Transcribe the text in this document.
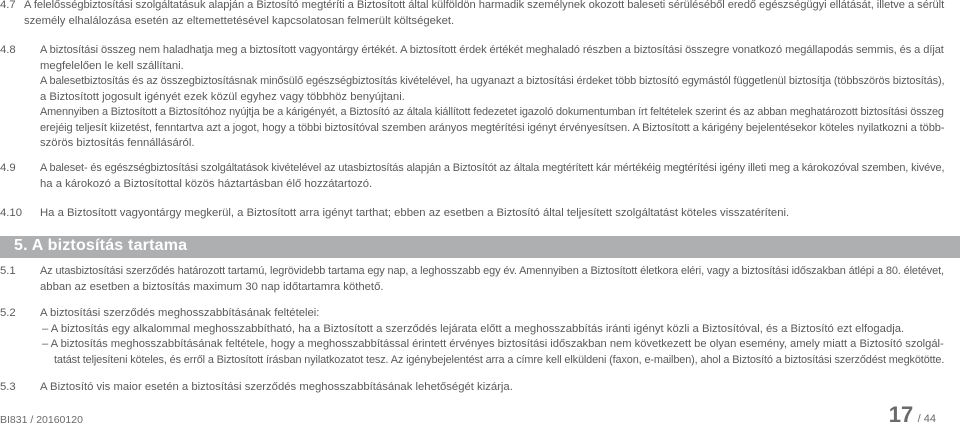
4.7 A felelősségbiztosítási szolgáltatásuk alapján a Biztosító megtéríti a Biztosított által külföldön harmadik személynek okozott baleseti sérüléséből eredő egészségügyi ellátását, illetve a sérült
személy elhalálozása esetén az eltemettetésével kapcsolatosan felmerült költségeket.
4.8 A biztosítási összeg nem haladhatja meg a biztosított vagyontárgy értékét. A biztosított érdek értékét meghaladó részben a biztosítási összegre vonatkozó megállapodás semmis, és a díjat
megfelelően le kell szállítani.
A balesetbiztosítás és az összegbiztosításnak minősülő egészségbiztosítás kivételével, ha ugyanazt a biztosítási érdeket több biztosító egymástól függetlenül biztosítja (többszörös biztosítás),
a Biztosított jogosult igényét ezek közül egyhez vagy többhöz benyújtani.
Amennyiben a Biztosított a Biztosítóhoz nyújtja be a kárigényét, a Biztosító az általa kiállított fedezetet igazoló dokumentumban írt feltételek szerint és az abban meghatározott biztosítási összeg
erejéig teljesít kiizetést, fenntartva azt a jogot, hogy a többi biztosítóval szemben arányos megtérítési igényt érvényesítsen. A Biztosított a kárigény bejelentésekor köteles nyilatkozni a több-
szörös biztosítás fennállásáról.
4.9 A baleset- és egészségbiztosítási szolgáltatások kivételével az utasbiztosítás alapján a Biztosítót az általa megtérített kár mértékéig megtérítési igény illeti meg a károkozóval szemben, kivéve,
ha a károkozó a Biztosítottal közös háztartásban élő hozzátartozó.
4.10 Ha a Biztosított vagyontárgy megkerül, a Biztosított arra igényt tarthat; ebben az esetben a Biztosító által teljesített szolgáltatást köteles visszatéríteni.
5. A biztosítás tartama
5.1 Az utasbiztosítási szerződés határozott tartamú, legrövidebb tartama egy nap, a leghosszabb egy év. Amennyiben a Biztosított életkora eléri, vagy a biztosítási időszakban átlépi a 80. életévet,
abban az esetben a biztosítás maximum 30 nap időtartamra köthető.
5.2 A biztosítási szerződés meghosszabbításának feltételei:
– A biztosítás egy alkalommal meghosszabbítható, ha a Biztosított a szerződés lejárata előtt a meghosszabbítás iránti igényt közli a Biztosítóval, és a Biztosító ezt elfogadja.
– A biztosítás meghosszabbításának feltétele, hogy a meghosszabbítással érintett érvényes biztosítási időszakban nem következett be olyan esemény, amely miatt a Biztosító szolgál-
tatást teljesíteni köteles, és erről a Biztosított írásban nyilatkozatot tesz. Az igénybejelentést arra a címre kell elküldeni (faxon, e-mailben), ahol a Biztosító a biztosítási szerződést megkötötte.
5.3 A Biztosító vis maior esetén a biztosítási szerződés meghosszabbításának lehetőségét kizárja.
BI831 / 20160120	17 / 44
